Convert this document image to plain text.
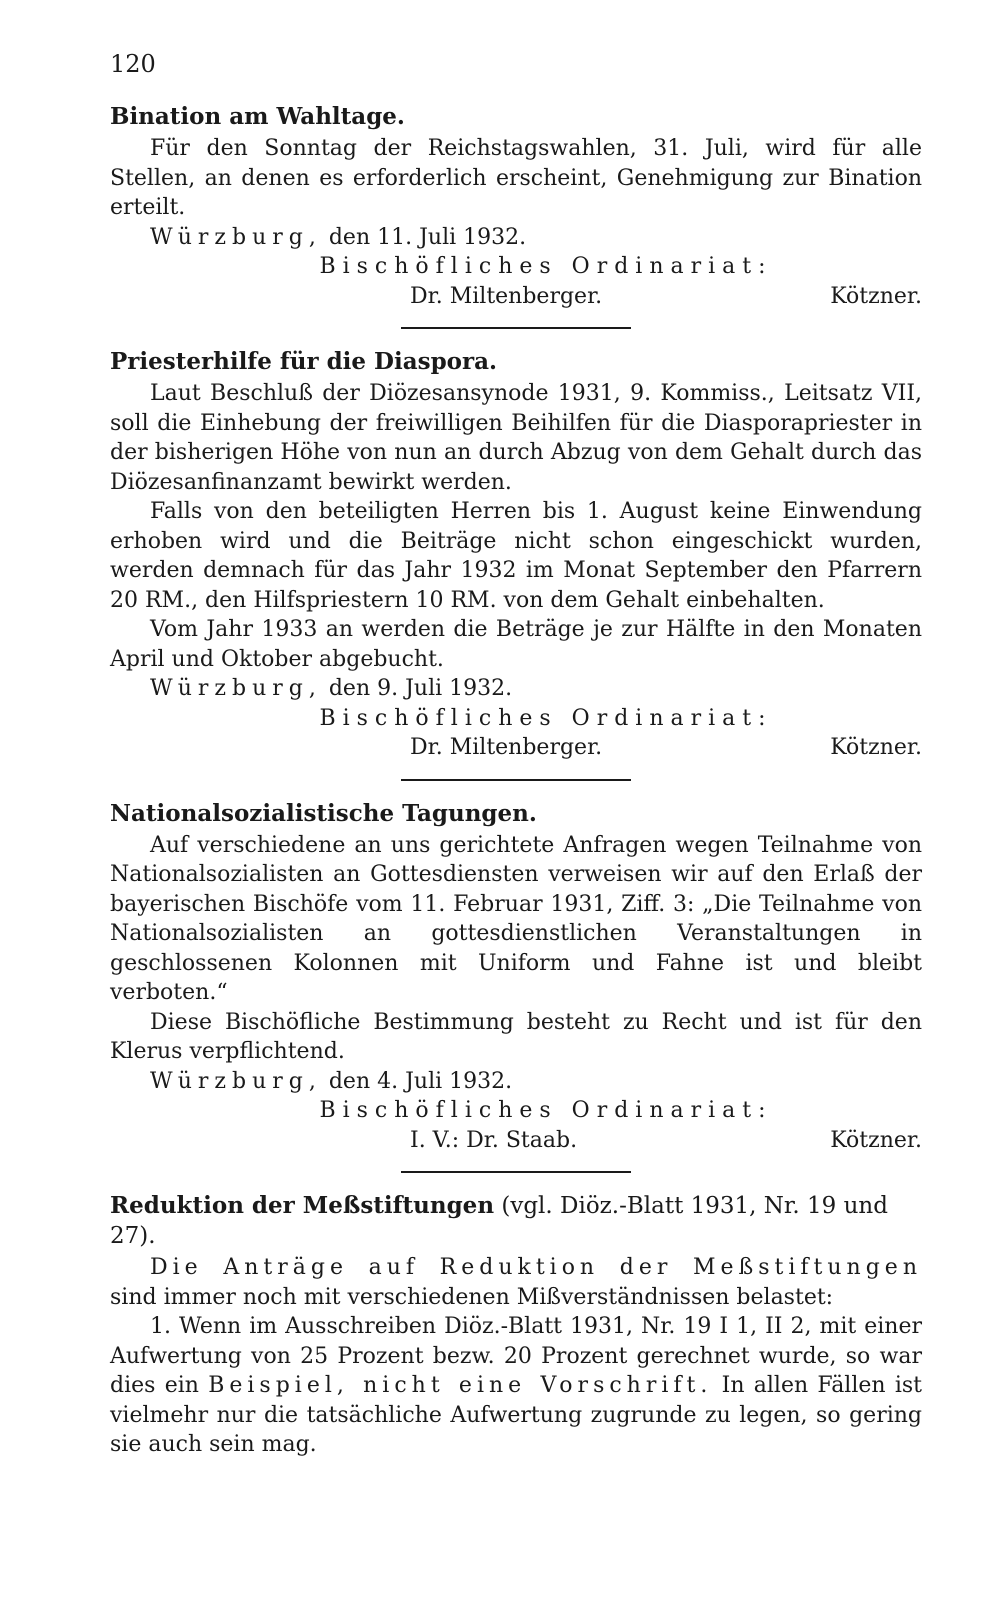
120
Bination am Wahltage.

Für den Sonntag der Reichstagswahlen, 31. Juli, wird für alle Stellen, an denen es erforderlich erscheint, Genehmigung zur Bination erteilt.

Würzburg, den 11. Juli 1932.

Bischöfliches Ordinariat:

Dr. Miltenberger.	Kötzner.
Priesterhilfe für die Diaspora.

Laut Beschluß der Diözesansynode 1931, 9. Kommiss., Leitsatz VII, soll die Einhebung der freiwilligen Beihilfen für die Diasporapriester in der bisherigen Höhe von nun an durch Abzug von dem Gehalt durch das Diözesanfinanzamt bewirkt werden.

Falls von den beteiligten Herren bis 1. August keine Einwendung erhoben wird und die Beiträge nicht schon eingeschickt wurden, werden demnach für das Jahr 1932 im Monat September den Pfarrern 20 RM., den Hilfspriestern 10 RM. von dem Gehalt einbehalten.

Vom Jahr 1933 an werden die Beträge je zur Hälfte in den Monaten April und Oktober abgebucht.

Würzburg, den 9. Juli 1932.

Bischöfliches Ordinariat:

Dr. Miltenberger.	Kötzner.
Nationalsozialistische Tagungen.

Auf verschiedene an uns gerichtete Anfragen wegen Teilnahme von Nationalsozialisten an Gottesdiensten verweisen wir auf den Erlaß der bayerischen Bischöfe vom 11. Februar 1931, Ziff. 3: „Die Teilnahme von Nationalsozialisten an gottesdienstlichen Veranstaltungen in geschlossenen Kolonnen mit Uniform und Fahne ist und bleibt verboten.“

Diese Bischöfliche Bestimmung besteht zu Recht und ist für den Klerus verpflichtend.

Würzburg, den 4. Juli 1932.

Bischöfliches Ordinariat:

I. V.: Dr. Staab.	Kötzner.
Reduktion der Meßstiftungen (vgl. Diöz.-Blatt 1931, Nr. 19 und 27).

Die Anträge auf Reduktion der Meßstiftungen sind immer noch mit verschiedenen Mißverständnissen belastet:

1. Wenn im Ausschreiben Diöz.-Blatt 1931, Nr. 19 I 1, II 2, mit einer Aufwertung von 25 Prozent bezw. 20 Prozent gerechnet wurde, so war dies ein Beispiel, nicht eine Vorschrift. In allen Fällen ist vielmehr nur die tatsächliche Aufwertung zugrunde zu legen, so gering sie auch sein mag.
